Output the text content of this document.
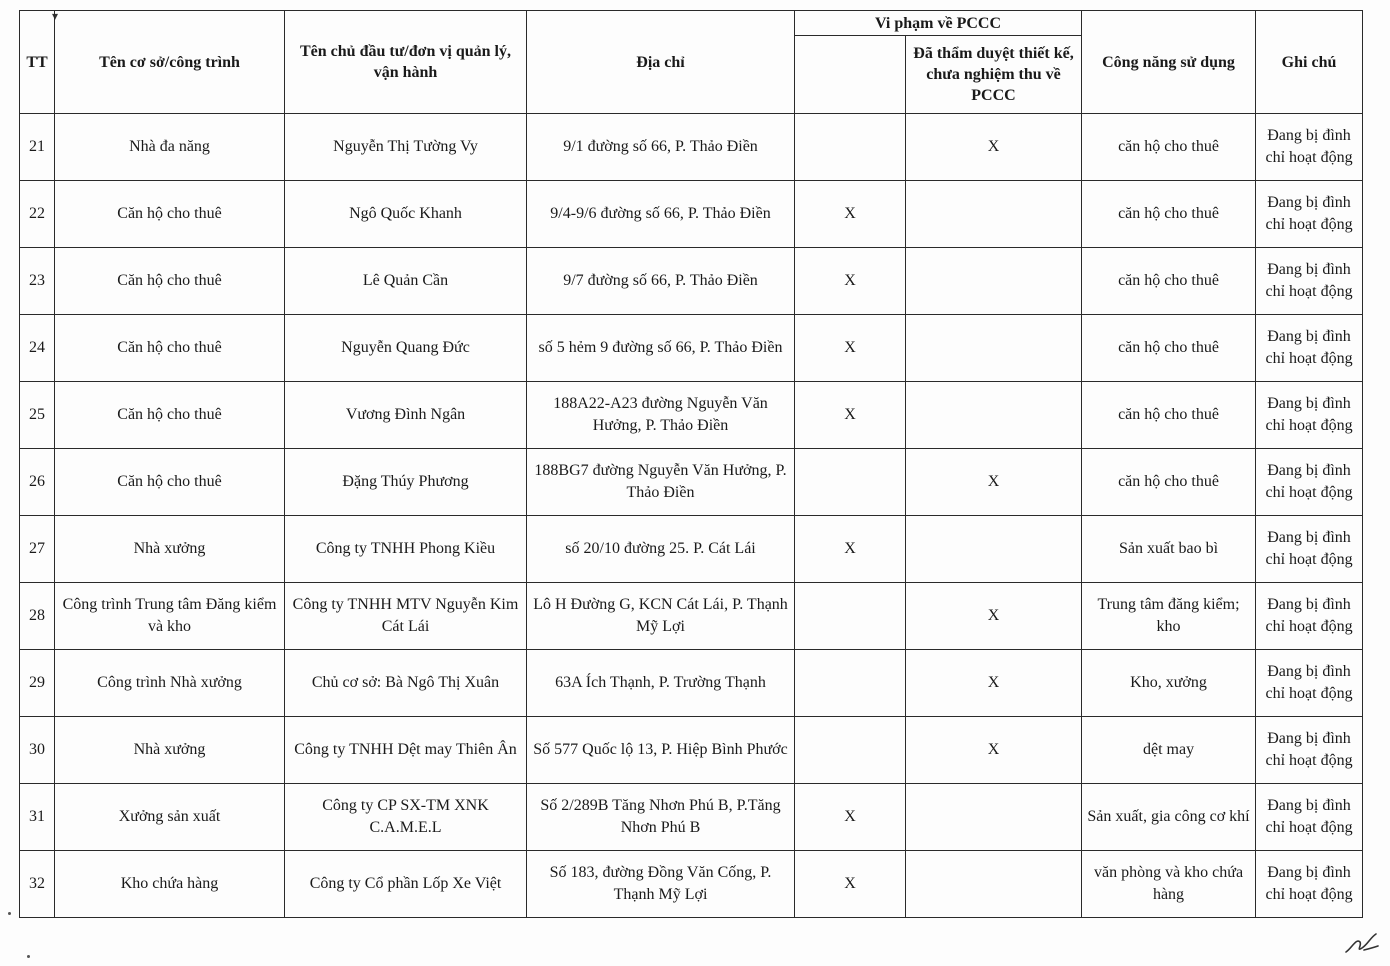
▾
TT	Tên cơ sở/công trình	Tên chủ đầu tư/đơn vị quản lý, vận hành	Địa chỉ	Vi phạm về PCCC		Công năng sử dụng	Ghi chú
					Đã thẩm duyệt thiết kế, chưa nghiệm thu về PCCC		
21	Nhà đa năng	Nguyễn Thị Tường Vy	9/1 đường số 66, P. Thảo Điền		X	căn hộ cho thuê	Đang bị đình chỉ hoạt động
22	Căn hộ cho thuê	Ngô Quốc Khanh	9/4-9/6 đường số 66, P. Thảo Điền	X		căn hộ cho thuê	Đang bị đình chỉ hoạt động
23	Căn hộ cho thuê	Lê Quản Cần	9/7 đường số 66, P. Thảo Điền	X		căn hộ cho thuê	Đang bị đình chỉ hoạt động
24	Căn hộ cho thuê	Nguyễn Quang Đức	số 5 hẻm 9 đường số 66, P. Thảo Điền	X		căn hộ cho thuê	Đang bị đình chỉ hoạt động
25	Căn hộ cho thuê	Vương Đình Ngân	188A22-A23 đường Nguyễn Văn Hưởng, P. Thảo Điền	X		căn hộ cho thuê	Đang bị đình chỉ hoạt động
26	Căn hộ cho thuê	Đặng Thúy Phương	188BG7 đường Nguyễn Văn Hưởng, P. Thảo Điền		X	căn hộ cho thuê	Đang bị đình chỉ hoạt động
27	Nhà xưởng	Công ty TNHH Phong Kiều	số 20/10 đường 25. P. Cát Lái	X		Sản xuất bao bì	Đang bị đình chỉ hoạt động
28	Công trình Trung tâm Đăng kiểm và kho	Công ty TNHH MTV Nguyễn Kim Cát Lái	Lô H Đường G, KCN Cát Lái, P. Thạnh Mỹ Lợi		X	Trung tâm đăng kiểm; kho	Đang bị đình chỉ hoạt động
29	Công trình Nhà xưởng	Chủ cơ sở: Bà Ngô Thị Xuân	63A Ích Thạnh, P. Trường Thạnh		X	Kho, xưởng	Đang bị đình chỉ hoạt động
30	Nhà xưởng	Công ty TNHH Dệt may Thiên Ân	Số 577 Quốc lộ 13, P. Hiệp Bình Phước		X	dệt may	Đang bị đình chỉ hoạt động
31	Xưởng sản xuất	Công ty CP SX-TM XNK C.A.M.E.L	Số 2/289B Tăng Nhơn Phú B, P.Tăng Nhơn Phú B	X		Sản xuất, gia công cơ khí	Đang bị đình chỉ hoạt động
32	Kho chứa hàng	Công ty Cổ phần Lốp Xe Việt	Số 183, đường Đồng Văn Cống, P. Thạnh Mỹ Lợi	X		văn phòng và kho chứa hàng	Đang bị đình chỉ hoạt động
